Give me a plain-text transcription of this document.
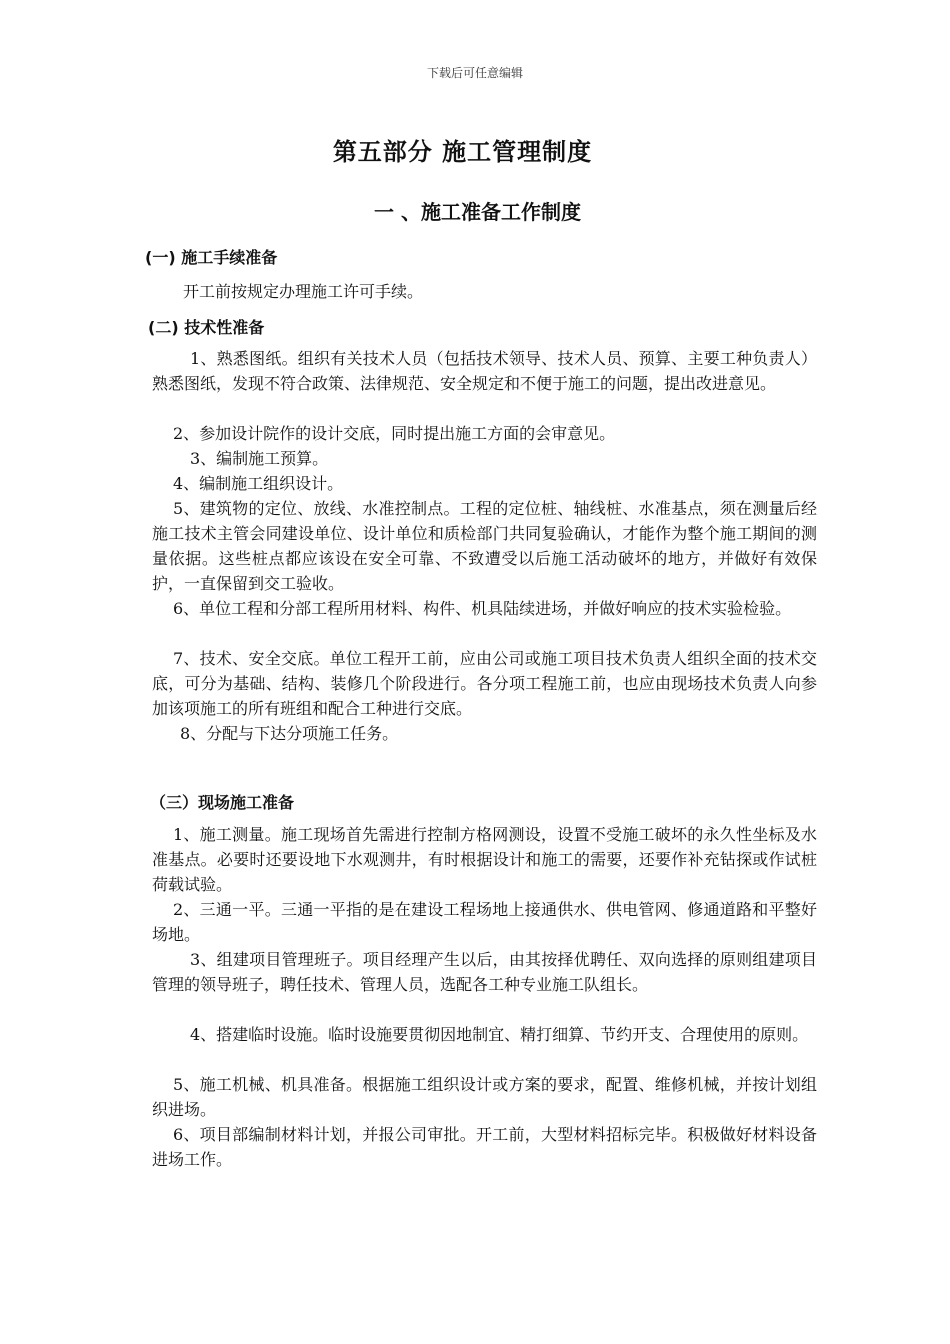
下载后可任意编辑
第五部分 施工管理制度
一 、施工准备工作制度
(一) 施工手续准备

开工前按规定办理施工许可手续。

(二) 技术性准备

1、熟悉图纸。组织有关技术人员（包括技术领导、技术人员、预算、主要工种负责人）熟悉图纸，发现不符合政策、法律规范、安全规定和不便于施工的问题，提出改进意见。

2、参加设计院作的设计交底，同时提出施工方面的会审意见。

3、编制施工预算。

4、编制施工组织设计。

5、建筑物的定位、放线、水准控制点。工程的定位桩、轴线桩、水准基点，须在测量后经施工技术主管会同建设单位、设计单位和质检部门共同复验确认，才能作为整个施工期间的测量依据。这些桩点都应该设在安全可靠、不致遭受以后施工活动破坏的地方，并做好有效保护，一直保留到交工验收。

6、单位工程和分部工程所用材料、构件、机具陆续进场，并做好响应的技术实验检验。

7、技术、安全交底。单位工程开工前，应由公司或施工项目技术负责人组织全面的技术交底，可分为基础、结构、装修几个阶段进行。各分项工程施工前，也应由现场技术负责人向参加该项施工的所有班组和配合工种进行交底。

8、分配与下达分项施工任务。

（三）现场施工准备

1、施工测量。施工现场首先需进行控制方格网测设，设置不受施工破坏的永久性坐标及水准基点。必要时还要设地下水观测井，有时根据设计和施工的需要，还要作补充钻探或作试桩荷载试验。

2、三通一平。三通一平指的是在建设工程场地上接通供水、供电管网、修通道路和平整好场地。

3、组建项目管理班子。项目经理产生以后，由其按择优聘任、双向选择的原则组建项目管理的领导班子，聘任技术、管理人员，选配各工种专业施工队组长。

4、搭建临时设施。临时设施要贯彻因地制宜、精打细算、节约开支、合理使用的原则。

5、施工机械、机具准备。根据施工组织设计或方案的要求，配置、维修机械，并按计划组织进场。

6、项目部编制材料计划，并报公司审批。开工前，大型材料招标完毕。积极做好材料设备进场工作。
